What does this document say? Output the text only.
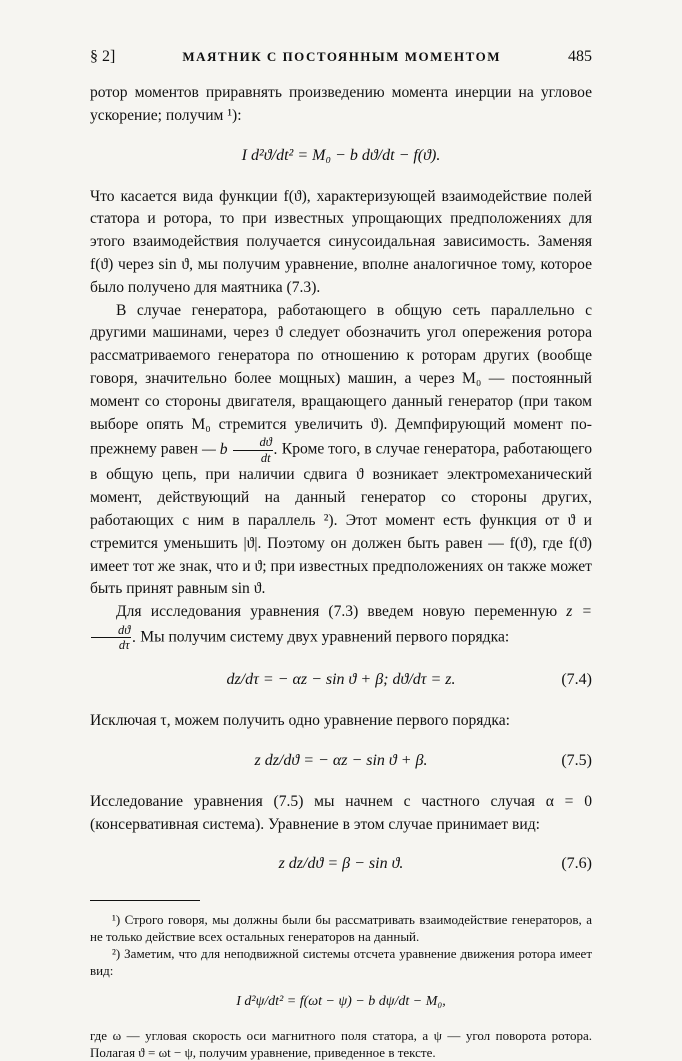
§ 2]	МАЯТНИК С ПОСТОЯННЫМ МОМЕНТОМ	485

ротор моментов приравнять произведению момента инерции на угловое ускорение; получим ¹):

I d²ϑ/dt² = M₀ − b dϑ/dt − f(ϑ).

Что касается вида функции f(ϑ), характеризующей взаимодействие полей статора и ротора, то при известных упрощающих предположениях для этого взаимодействия получается синусоидальная зависимость. Заменяя f(ϑ) через sin ϑ, мы получим уравнение, вполне аналогичное тому, которое было получено для маятника (7.3).

В случае генератора, работающего в общую сеть параллельно с другими машинами, через ϑ следует обозначить угол опережения ротора рассматриваемого генератора по отношению к роторам других (вообще говоря, значительно более мощных) машин, а через M₀ — постоянный момент со стороны двигателя, вращающего данный генератор (при таком выборе опять M₀ стремится увеличить ϑ). Демпфирующий момент по-прежнему равен — b $\frac{dϑ}{dt}$ . Кроме того, в случае генератора, работающего в общую цепь, при наличии сдвига ϑ возникает электромеханический момент, действующий на данный генератор со стороны других, работающих с ним в параллель ²). Этот момент есть функция от ϑ и стремится уменьшить |ϑ|. Поэтому он должен быть равен — f(ϑ), где f(ϑ) имеет тот же знак, что и ϑ; при известных предположениях он также может быть принят равным sin ϑ.

Для исследования уравнения (7.3) введем новую переменную z =
$\frac{dϑ}{d\tau}$ . Мы получим систему двух уравнений первого порядка:

dz/dτ = − αz − sin ϑ + β; dϑ/dτ = z.	(7.4)

Исключая τ, можем получить одно уравнение первого порядка:

z dz/dϑ = − αz − sin ϑ + β.	(7.5)

Исследование уравнения (7.5) мы начнем с частного случая α = 0 (консервативная система). Уравнение в этом случае принимает вид:

z dz/dϑ = β − sin ϑ.	(7.6)

¹) Строго говоря, мы должны были бы рассматривать взаимодействие генераторов, а не только действие всех остальных генераторов на данный.

²) Заметим, что для неподвижной системы отсчета уравнение движения ротора имеет вид:

I d²ψ/dt² = f(ωt − ψ) − b dψ/dt − M₀,

где ω — угловая скорость оси магнитного поля статора, а ψ — угол поворота ротора. Полагая ϑ = ωt − ψ, получим уравнение, приведенное в тексте.
